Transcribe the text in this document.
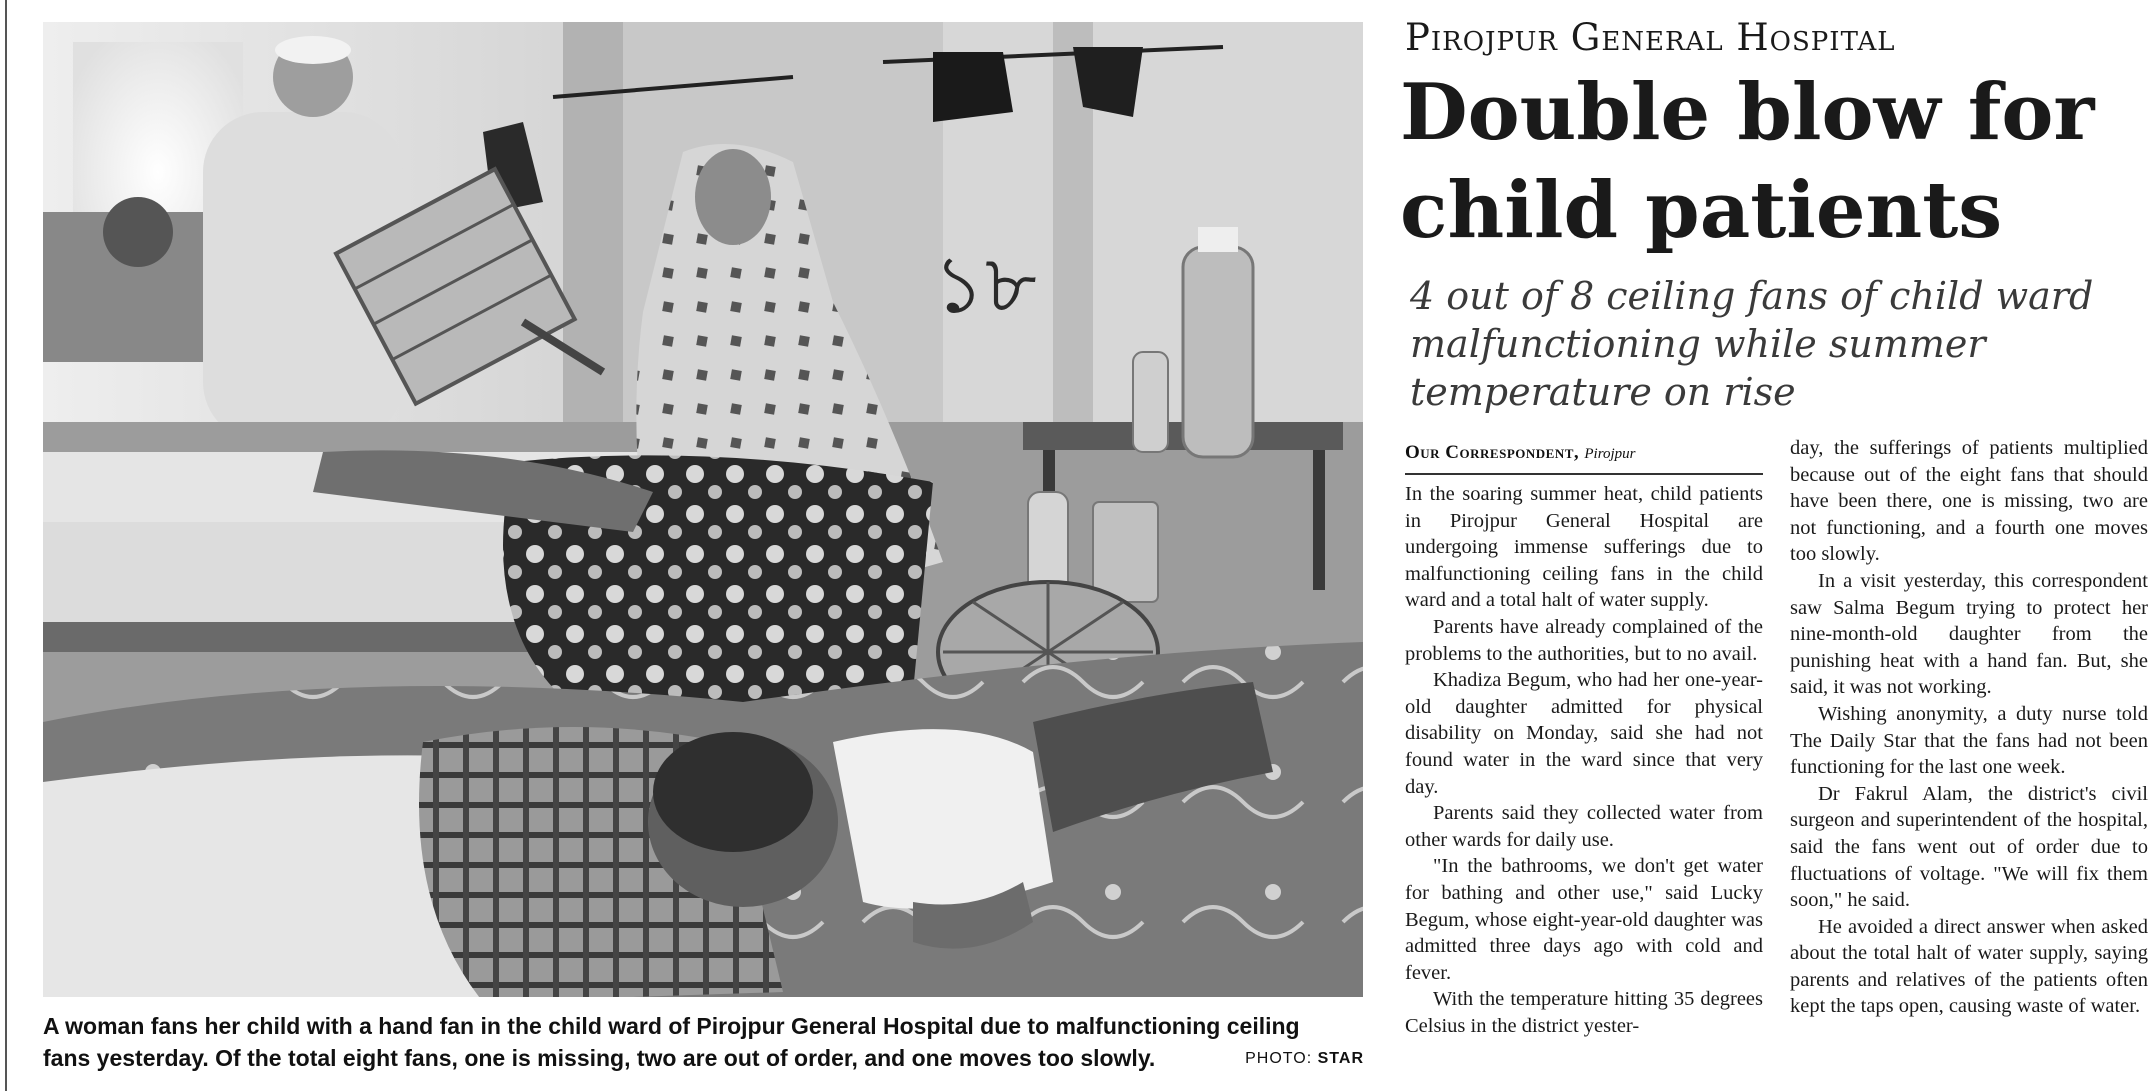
১৮
A woman fans her child with a hand fan in the child ward of Pirojpur General Hospital due to malfunctioning ceiling fans yesterday. Of the total eight fans, one is missing, two are out of order, and one moves too slowly.	PHOTO: STAR
Pirojpur General Hospital
Double blow for child patients
4 out of 8 ceiling fans of child ward malfunctioning while summer temperature on rise
Our Correspondent, Pirojpur

In the soaring summer heat, child patients in Pirojpur General Hospital are undergoing immense sufferings due to malfunctioning ceiling fans in the child ward and a total halt of water supply.

Parents have already complained of the problems to the authorities, but to no avail.

Khadiza Begum, who had her one-year-old daughter admitted for physical disability on Monday, said she had not found water in the ward since that very day.

Parents said they collected water from other wards for daily use.

"In the bathrooms, we don't get water for bathing and other use," said Lucky Begum, whose eight-year-old daughter was admitted three days ago with cold and fever.

With the temperature hitting 35 degrees Celsius in the district yester-

day, the sufferings of patients multiplied because out of the eight fans that should have been there, one is missing, two are not functioning, and a fourth one moves too slowly.

In a visit yesterday, this correspondent saw Salma Begum trying to protect her nine-month-old daughter from the punishing heat with a hand fan. But, she said, it was not working.

Wishing anonymity, a duty nurse told The Daily Star that the fans had not been functioning for the last one week.

Dr Fakrul Alam, the district's civil surgeon and superintendent of the hospital, said the fans went out of order due to fluctuations of voltage. "We will fix them soon," he said.

He avoided a direct answer when asked about the total halt of water supply, saying parents and relatives of the patients often kept the taps open, causing waste of water.
